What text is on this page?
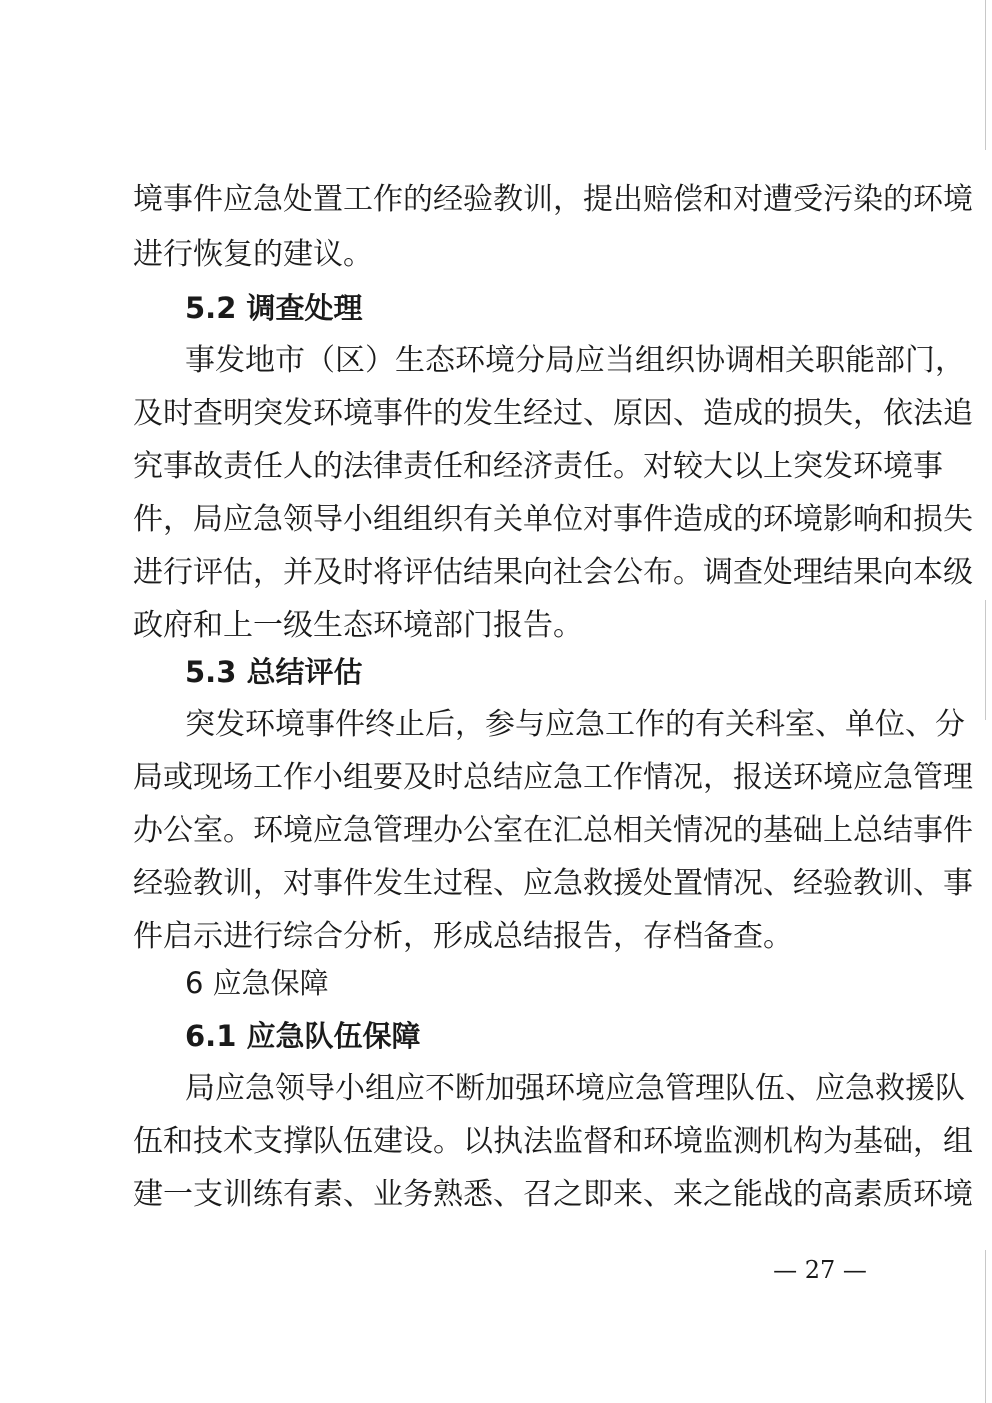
境事件应急处置工作的经验教训，提出赔偿和对遭受污染的环境
进行恢复的建议。
5.2 调查处理
事发地市（区）生态环境分局应当组织协调相关职能部门，
及时查明突发环境事件的发生经过、原因、造成的损失，依法追
究事故责任人的法律责任和经济责任。对较大以上突发环境事
件，局应急领导小组组织有关单位对事件造成的环境影响和损失
进行评估，并及时将评估结果向社会公布。调查处理结果向本级
政府和上一级生态环境部门报告。
5.3 总结评估
突发环境事件终止后，参与应急工作的有关科室、单位、分
局或现场工作小组要及时总结应急工作情况，报送环境应急管理
办公室。环境应急管理办公室在汇总相关情况的基础上总结事件
经验教训，对事件发生过程、应急救援处置情况、经验教训、事
件启示进行综合分析，形成总结报告，存档备查。
6 应急保障
6.1 应急队伍保障
局应急领导小组应不断加强环境应急管理队伍、应急救援队
伍和技术支撑队伍建设。以执法监督和环境监测机构为基础，组
建一支训练有素、业务熟悉、召之即来、来之能战的高素质环境
— 27 —
